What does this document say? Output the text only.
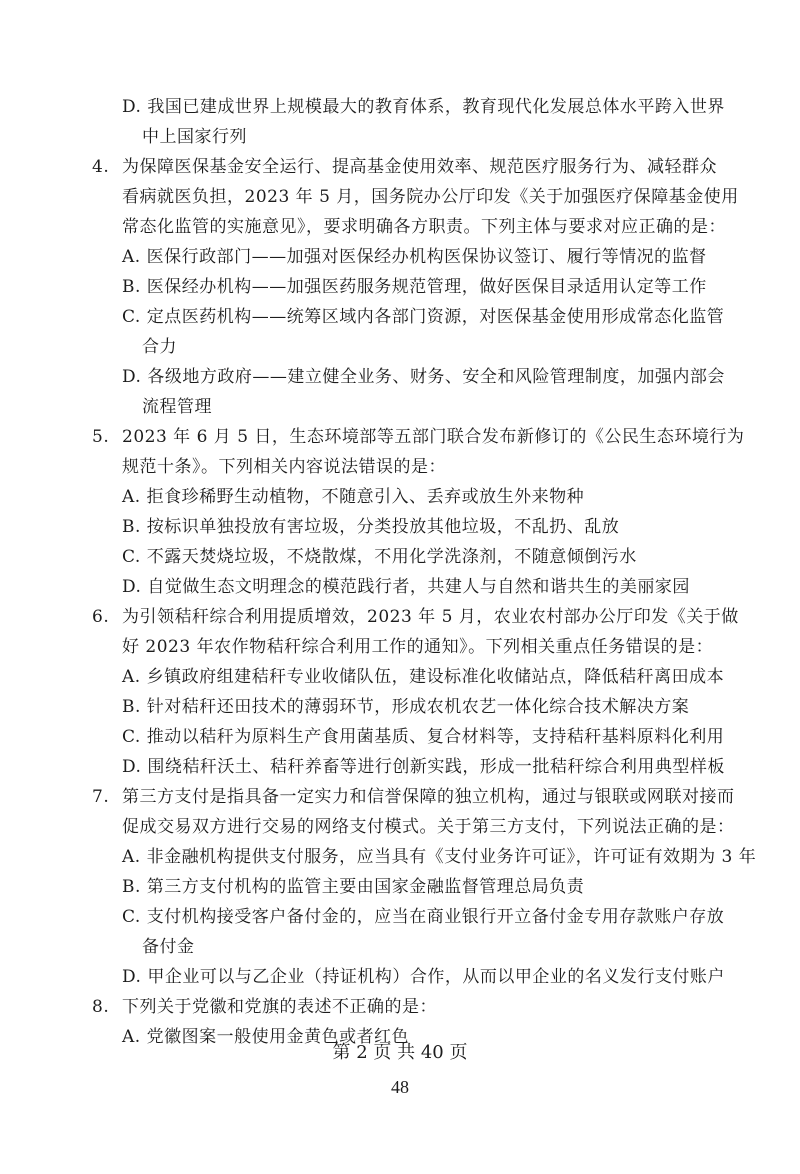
D. 我国已建成世界上规模最大的教育体系，教育现代化发展总体水平跨入世界
中上国家行列
4. 为保障医保基金安全运行、提高基金使用效率、规范医疗服务行为、减轻群众
看病就医负担，2023 年 5 月，国务院办公厅印发《关于加强医疗保障基金使用
常态化监管的实施意见》，要求明确各方职责。下列主体与要求对应正确的是：
A. 医保行政部门——加强对医保经办机构医保协议签订、履行等情况的监督
B. 医保经办机构——加强医药服务规范管理，做好医保目录适用认定等工作
C. 定点医药机构——统筹区域内各部门资源，对医保基金使用形成常态化监管
合力
D. 各级地方政府——建立健全业务、财务、安全和风险管理制度，加强内部会
流程管理
5. 2023 年 6 月 5 日，生态环境部等五部门联合发布新修订的《公民生态环境行为
规范十条》。下列相关内容说法错误的是：
A. 拒食珍稀野生动植物，不随意引入、丢弃或放生外来物种
B. 按标识单独投放有害垃圾，分类投放其他垃圾，不乱扔、乱放
C. 不露天焚烧垃圾，不烧散煤，不用化学洗涤剂，不随意倾倒污水
D. 自觉做生态文明理念的模范践行者，共建人与自然和谐共生的美丽家园
6. 为引领秸秆综合利用提质增效，2023 年 5 月，农业农村部办公厅印发《关于做
好 2023 年农作物秸秆综合利用工作的通知》。下列相关重点任务错误的是：
A. 乡镇政府组建秸秆专业收储队伍，建设标准化收储站点，降低秸秆离田成本
B. 针对秸秆还田技术的薄弱环节，形成农机农艺一体化综合技术解决方案
C. 推动以秸秆为原料生产食用菌基质、复合材料等，支持秸秆基料原料化利用
D. 围绕秸秆沃土、秸秆养畜等进行创新实践，形成一批秸秆综合利用典型样板
7. 第三方支付是指具备一定实力和信誉保障的独立机构，通过与银联或网联对接而
促成交易双方进行交易的网络支付模式。关于第三方支付，下列说法正确的是：
A. 非金融机构提供支付服务，应当具有《支付业务许可证》，许可证有效期为 3 年
B. 第三方支付机构的监管主要由国家金融监督管理总局负责
C. 支付机构接受客户备付金的，应当在商业银行开立备付金专用存款账户存放
备付金
D. 甲企业可以与乙企业（持证机构）合作，从而以甲企业的名义发行支付账户
8. 下列关于党徽和党旗的表述不正确的是：
A. 党徽图案一般使用金黄色或者红色
第 2 页 共 40 页
48
